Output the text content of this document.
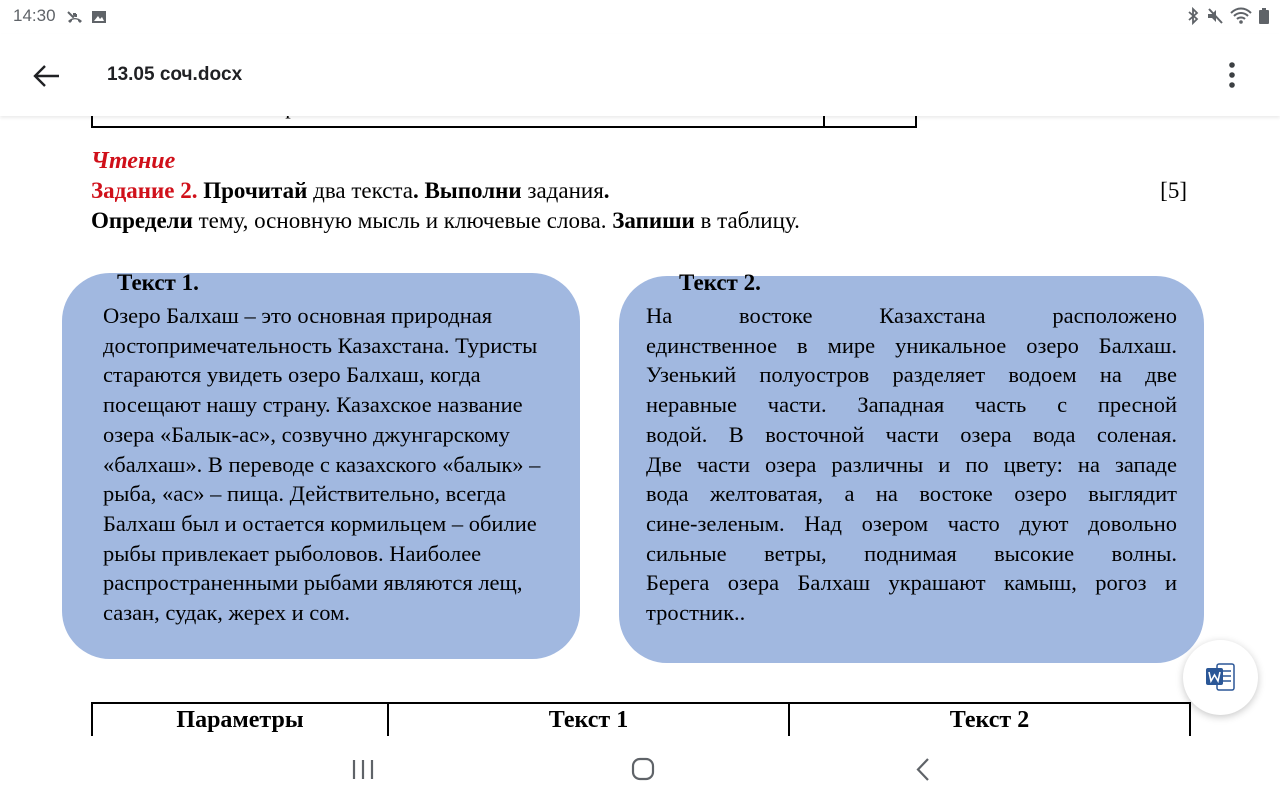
14:30
13.05 соч.docx
Чтение
Задание 2. Прочитай два текста. Выполни задания.	[5]
Определи тему, основную мысль и ключевые слова. Запиши в таблицу.
Текст 1.
Озеро Балхаш – это основная природная
достопримечательность Казахстана. Туристы
стараются увидеть озеро Балхаш, когда
посещают нашу страну. Казахское название
озера «Балык-ас», созвучно джунгарскому
«балхаш». В переводе с казахского «балык» –
рыба, «ас» – пища. Действительно, всегда
Балхаш был и остается кормильцем – обилие
рыбы привлекает рыболовов. Наиболее
распространенными рыбами являются лещ,
сазан, судак, жерех и сом.
Текст 2.
На востоке Казахстана расположено
единственное в мире уникальное озеро Балхаш.
Узенький полуостров разделяет водоем на две
неравные части. Западная часть с пресной
водой. В восточной части озера вода соленая.
Две части озера различны и по цвету: на западе
вода желтоватая, а на востоке озеро выглядит
сине-зеленым. Над озером часто дуют довольно
сильные ветры, поднимая высокие волны.
Берега озера Балхаш украшают камыш, рогоз и
тростник..
Параметры	Текст 1	Текст 2
